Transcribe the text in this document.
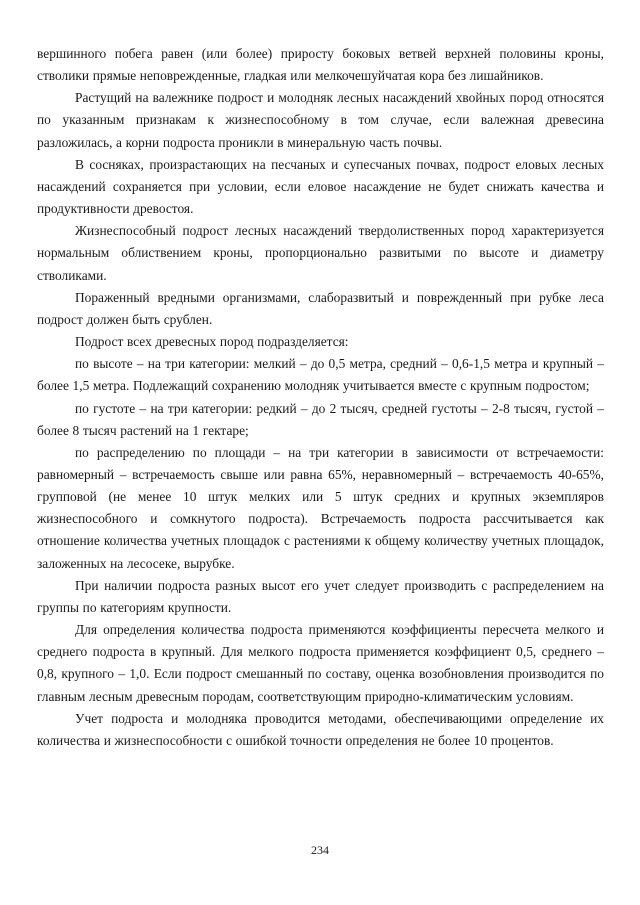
вершинного побега равен (или более) приросту боковых ветвей верхней половины кроны, стволики прямые неповрежденные, гладкая или мелкочешуйчатая кора без лишайников.

Растущий на валежнике подрост и молодняк лесных насаждений хвойных пород относятся по указанным признакам к жизнеспособному в том случае, если валежная древесина разложилась, а корни подроста проникли в минеральную часть почвы.

В сосняках, произрастающих на песчаных и супесчаных почвах, подрост еловых лесных насаждений сохраняется при условии, если еловое насаждение не будет снижать качества и продуктивности древостоя.

Жизнеспособный подрост лесных насаждений твердолиственных пород характеризуется нормальным облиствением кроны, пропорционально развитыми по высоте и диаметру стволиками.

Пораженный вредными организмами, слаборазвитый и поврежденный при рубке леса подрост должен быть срублен.

Подрост всех древесных пород подразделяется:

по высоте – на три категории: мелкий – до 0,5 метра, средний – 0,6-1,5 метра и крупный – более 1,5 метра. Подлежащий сохранению молодняк учитывается вместе с крупным подростом;

по густоте – на три категории: редкий – до 2 тысяч, средней густоты – 2-8 тысяч, густой – более 8 тысяч растений на 1 гектаре;

по распределению по площади – на три категории в зависимости от встречаемости: равномерный – встречаемость свыше или равна 65%, неравномерный – встречаемость 40-65%, групповой (не менее 10 штук мелких или 5 штук средних и крупных экземпляров жизнеспособного и сомкнутого подроста). Встречаемость подроста рассчитывается как отношение количества учетных площадок с растениями к общему количеству учетных площадок, заложенных на лесосеке, вырубке.

При наличии подроста разных высот его учет следует производить с распределением на группы по категориям крупности.

Для определения количества подроста применяются коэффициенты пересчета мелкого и среднего подроста в крупный. Для мелкого подроста применяется коэффициент 0,5, среднего – 0,8, крупного – 1,0. Если подрост смешанный по составу, оценка возобновления производится по главным лесным древесным породам, соответствующим природно-климатическим условиям.

Учет подроста и молодняка проводится методами, обеспечивающими определение их количества и жизнеспособности с ошибкой точности определения не более 10 процентов.

234
